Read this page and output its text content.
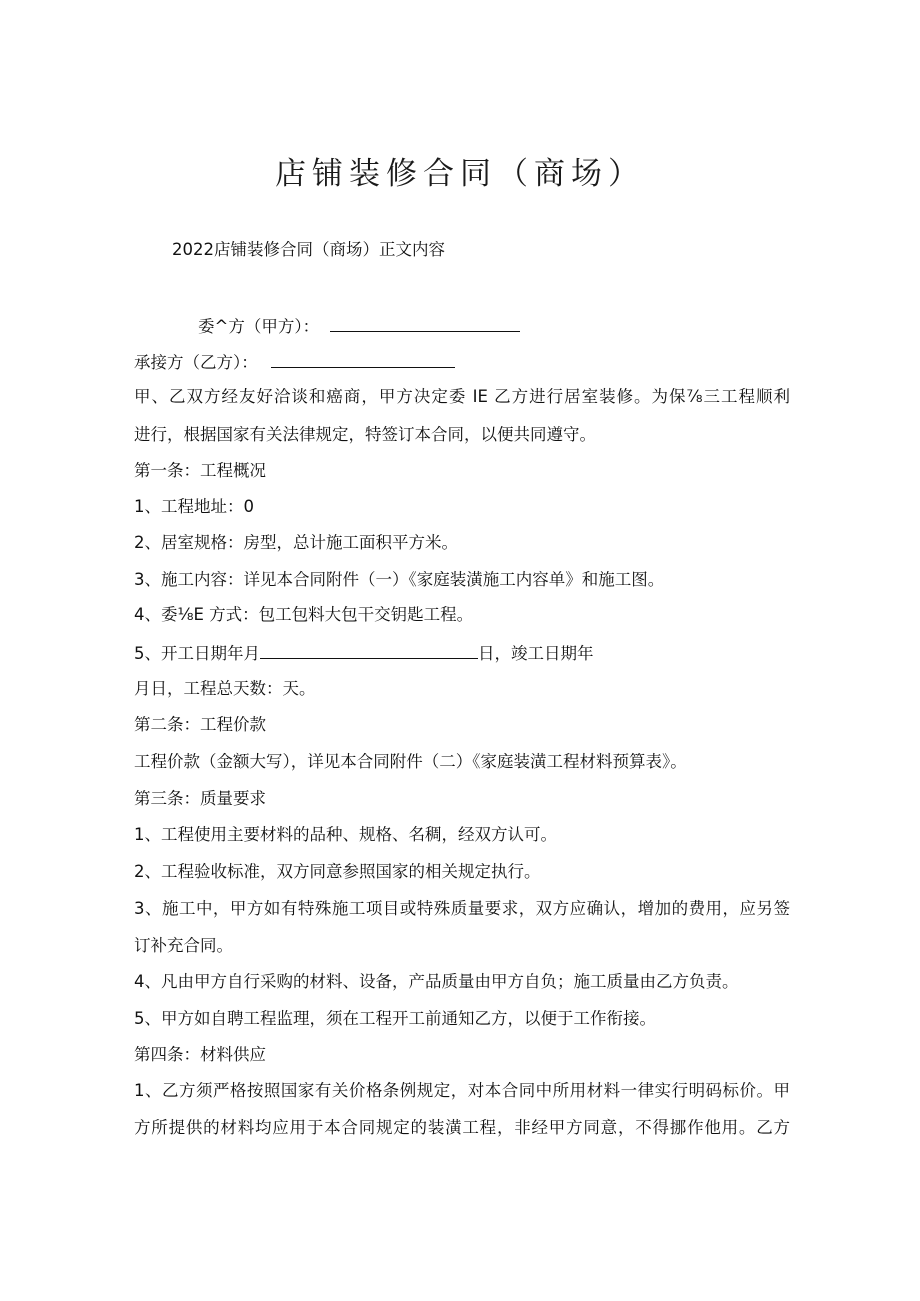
店铺装修合同（商场）
2022店铺装修合同（商场）正文内容
委^方（甲方）：
承接方（乙方）：
甲、乙双方经友好洽谈和癌商，甲方决定委 IE 乙方进行居室装修。为保⅞三工程顺利
进行，根据国家有关法律规定，特签订本合同，以便共同遵守。
第一条：工程概况
1、工程地址：0
2、居室规格：房型，总计施工面积平方米。
3、施工内容：详见本合同附件（一）《家庭装潢施工内容单》和施工图。
4、委⅛E 方式：包工包料大包干交钥匙工程。
5、开工日期年月	日，竣工日期年
月日，工程总天数：天。
第二条：工程价款
工程价款（金额大写），详见本合同附件（二）《家庭装潢工程材料预算表》。
第三条：质量要求
1、工程使用主要材料的品种、规格、名稠，经双方认可。
2、工程验收标准，双方同意参照国家的相关规定执行。
3、施工中，甲方如有特殊施工项目或特殊质量要求，双方应确认，增加的费用，应另签
订补充合同。
4、凡由甲方自行采购的材料、设备，产品质量由甲方自负；施工质量由乙方负责。
5、甲方如自聘工程监理，须在工程开工前通知乙方，以便于工作衔接。
第四条：材料供应
1、乙方须严格按照国家有关价格条例规定，对本合同中所用材料一律实行明码标价。甲
方所提供的材料均应用于本合同规定的装潢工程，非经甲方同意，不得挪作他用。乙方
